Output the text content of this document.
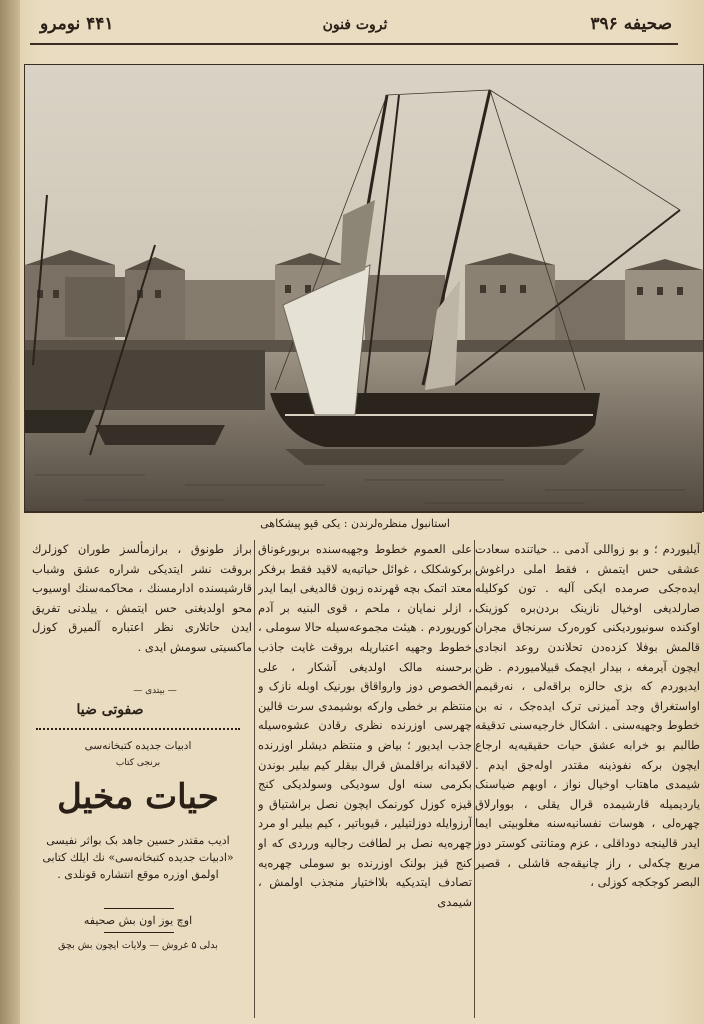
صحیفه ۳۹۶
ثروت فنون
۴۴۱ نومرو
استانبول منظره‌لرندن : یکی قپو پیشکاهی

آیلیوردم ؛ و بو زواللی آدمی .. حیاتنده سعادت عشقی حس ایتمش ، فقط املی دراغوش ایده‌جکی صرمده ایکی آلیه . تون کوکلیله صارلدیغی اوخیال نازینک بردن‌بره کوزینک اوکنده سونیوردیکنی کوره‌رک سرنجاق مجران قالمش بوفلا کزده‌دن تحلاندن روعد انجادی ایچون آیرمغه ، بیدار ایچمک قبیلامیوردم . ظن ایدیوردم که بزی حالزه براقه‌لی ، نه‌رقیمم اواستغراق وجد آمیزنی ترک ایده‌جک ، نه بن خطوط وجهیه‌سنی . اشکال خارجیه‌سنی تدقیقه طالبم بو خرابه عشق حیات حقیقیه‌یه ارجاع ایچون برکه نفوذینه مقتدر اوله‌جق ایدم . شیمدی ماهتاب اوخیال نواز ، اوبهم ضیاسنک یاردیمیله قارشیمده قرال یقلی ، بووارلاق چهره‌لی ، هوسات نفسانیه‌سنه مغلوبیتی ایما ایدر قالینجه دوداقلی ، عزم ومتانتی کوستر دوز مربع چکه‌لی ، راز چانیقه‌جه قاشلی ، قصیر البصر کوجکجه کوزلی ،

علی العموم خطوط وجهیه‌سنده بربورغوناق برکوشکلک ، غوائل حیاتیه‌یه لاقید فقط برفکر معتد اتمک بچه قهرنده زبون قالدیغی ایما ایدر ، ازلر نمایان ، ملحم ، قوی البنیه بر آدم کوریوردم . هیئت مجموعه‌سیله حالا سوملی ، خطوط وجهیه اعتباریله بروقت غایت جاذب برحسنه مالک اولدیغی آشکار ، علی الخصوص دوز وارواقاق بورنیک اوبله نازک و منتظم بر خطی وارکه بوشیمدی سرت قالین چهرسی اوزرنده نظری رقادن عشوه‌سیله جذب ایدیور ؛ بیاض و منتظم دیشلر اوزرنده لاقیدانه براقلمش قرال بیقلر کیم بیلیر بوندن بکرمی سنه اول سودیکی وسولدیکی کنج قیزه کوزل کورنمک ایچون نصل براشتیاق و آرزوایله دوزلتیلیر ، قیوباتیر ، کیم بیلیر او مرد چهره‌یه نصل بر لطافت رجالیه ورردی که او کنج قیز بولنک اوزرنده بو سوملی چهره‌یه تصادف ایتدیکیه بلااختیار منجذب اولمش ، شیمدی

براز طونوق ، برازمألسز طوران کوزلرك بروقت نشر ایتدیکی شراره عشق وشباب قارشیسنده ادار‌مسنك ، محاکمه‌سنك اوسیوب محو اولدیغنی حس ایتمش ، ییلدنی تفریق ایدن حاتلاری نظر اعتباره آلمیرق کوزل ماکسیتی سومش ایدی .

— بیتدی —
صفوتی ضیا
ادبیات جدیده کتبخانه‌سی
برنجی کتاب
حیات مخیل
ادیب مقتدر حسین جاهد بک بواثر نفیسی «ادبیات جدیده کتبخانه‌سی» نك ایلك کتابی اولمق اوزره موقع انتشاره قونلدی .
اوچ یوز اون بش صحیفه
بدلی ۵ غروش — ولایات ایچون بش بچق
